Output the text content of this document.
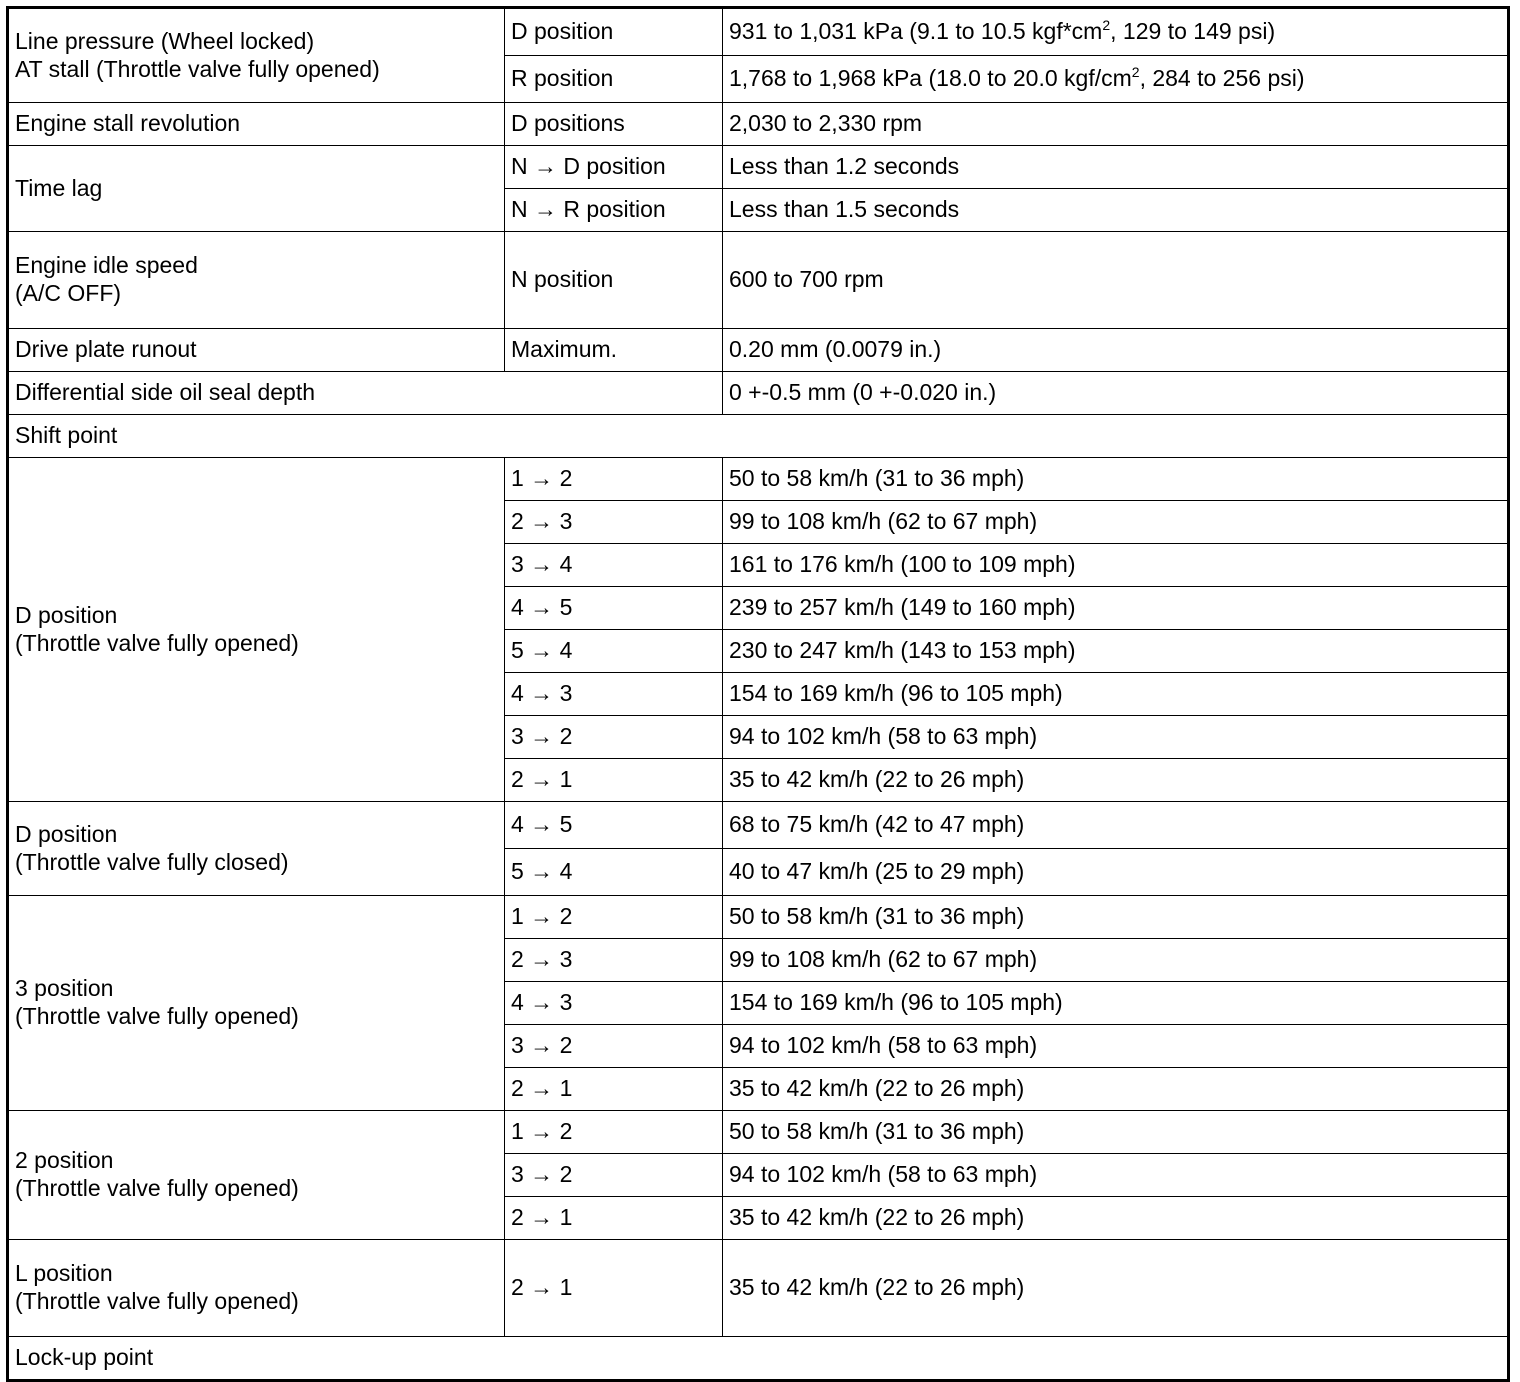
Line pressure (Wheel locked)
AT stall (Throttle valve fully opened)	D position	931 to 1,031 kPa (9.1 to 10.5 $kgf*cm^2$, 129 to 149 psi)
	R position	1,768 to 1,968 kPa (18.0 to 20.0 kgf/$cm^2$, 284 to 256 psi)
Engine stall revolution	D positions	2,030 to 2,330 rpm
Time lag	N → D position	Less than 1.2 seconds
	N → R position	Less than 1.5 seconds

Engine idle speed
(A/C OFF)	N position	600 to 700 rpm
Drive plate runout	Maximum.	0.20 mm (0.0079 in.)
Differential side oil seal depth		0 +-0.5 mm (0 +-0.020 in.)
Shift point		

D position
(Throttle valve fully opened)	1 → 2	50 to 58 km/h (31 to 36 mph)
	2 → 3	99 to 108 km/h (62 to 67 mph)
	3 → 4	161 to 176 km/h (100 to 109 mph)
	4 → 5	239 to 257 km/h (149 to 160 mph)
	5 → 4	230 to 247 km/h (143 to 153 mph)
	4 → 3	154 to 169 km/h (96 to 105 mph)
	3 → 2	94 to 102 km/h (58 to 63 mph)
	2 → 1	35 to 42 km/h (22 to 26 mph)

D position
(Throttle valve fully closed)	4 → 5	68 to 75 km/h (42 to 47 mph)
	5 → 4	40 to 47 km/h (25 to 29 mph)

3 position
(Throttle valve fully opened)	1 → 2	50 to 58 km/h (31 to 36 mph)
	2 → 3	99 to 108 km/h (62 to 67 mph)
	4 → 3	154 to 169 km/h (96 to 105 mph)
	3 → 2	94 to 102 km/h (58 to 63 mph)
	2 → 1	35 to 42 km/h (22 to 26 mph)

2 position
(Throttle valve fully opened)	1 → 2	50 to 58 km/h (31 to 36 mph)
	3 → 2	94 to 102 km/h (58 to 63 mph)
	2 → 1	35 to 42 km/h (22 to 26 mph)

L position
(Throttle valve fully opened)	2 → 1	35 to 42 km/h (22 to 26 mph)
Lock-up point		
